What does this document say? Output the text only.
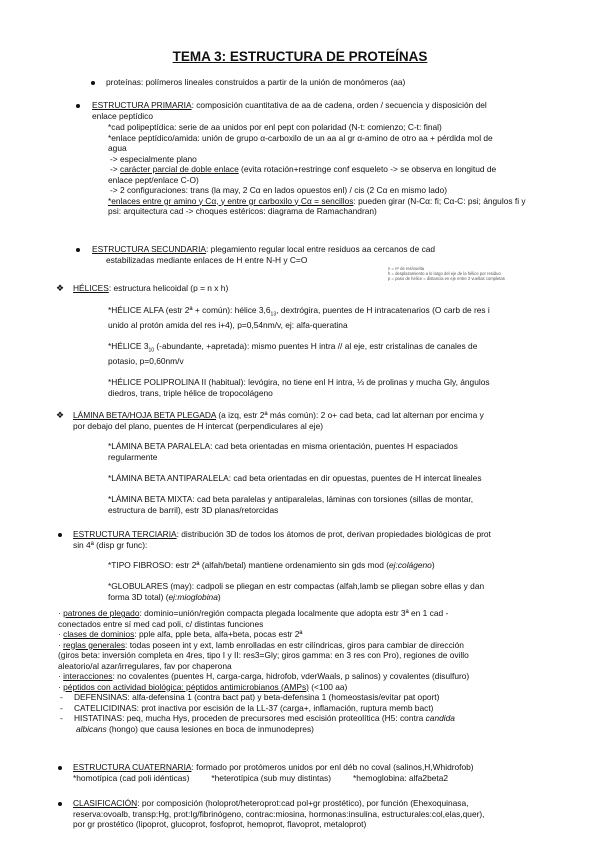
TEMA 3: ESTRUCTURA DE PROTEÍNAS
proteínas: polímeros lineales construidos a partir de la unión de monómeros (aa)

ESTRUCTURA PRIMARIA: composición cuantitativa de aa de cadena, orden / secuencia y disposición del

enlace peptídico

*cad polipeptídica: serie de aa unidos por enl pept con polaridad (N-t: comienzo; C-t: final)

*enlace peptídico/amida: unión de grupo α-carboxilo de un aa al gr α-amino de otro aa + pérdida mol de

agua

-> especialmente plano

-> carácter parcial de doble enlace (evita rotación+restringe conf esqueleto -> se observa en longitud de

enlace pept/enlace C-O)

-> 2 configuraciones: trans (la may, 2 Cα en lados opuestos enl) / cis (2 Cα en mismo lado)

*enlaces entre gr amino y Cα, y entre gr carboxilo y Cα = sencillos: pueden girar (N-Cα: fi; Cα-C: psi; ángulos fi y

psi: arquitectura cad -> choques estéricos: diagrama de Ramachandran)

ESTRUCTURA SECUNDARIA: plegamiento regular local entre residuos aa cercanos de cad

estabilizadas mediante enlaces de H entre N-H y C=O

n = nº de res/vuelta
h = desplazamiento a lo largo del eje de la hélice por residuo
p = paso de hélice = distancia en eje entre 2 vueltas completas
❖ HÉLICES: estructura helicoidal (p = n x h)

*HÉLICE ALFA (estr 2ª + común): hélice $3,6_{13}$, dextrógira, puentes de H intracatenarios (O carb de res i

unido al protón amida del res i+4), p=0,54nm/v, ej: alfa-queratina

*HÉLICE $3_{10}$ (-abundante, +apretada): mismo puentes H intra // al eje, estr cristalinas de canales de

potasio, p=0,60nm/v

*HÉLICE POLIPROLINA II (habitual): levógira, no tiene enl H intra, ⅓ de prolinas y mucha Gly, ángulos

diedros, trans, triple hélice de tropocolágeno

❖ LÁMINA BETA/HOJA BETA PLEGADA (a izq, estr 2ª más común): 2 o+ cad beta, cad lat alternan por encima y

por debajo del plano, puentes de H intercat (perpendiculares al eje)

*LÁMINA BETA PARALELA: cad beta orientadas en misma orientación, puentes H espaciados

regularmente

*LÁMINA BETA ANTIPARALELA: cad beta orientadas en dir opuestas, puentes de H intercat lineales

*LÁMINA BETA MIXTA: cad beta paralelas y antiparalelas, láminas con torsiones (sillas de montar,

estructura de barril), estr 3D planas/retorcidas

ESTRUCTURA TERCIARIA: distribución 3D de todos los átomos de prot, derivan propiedades biológicas de prot

sin 4ª (disp gr func):

*TIPO FIBROSO: estr 2ª (alfah/betal) mantiene ordenamiento sin gds mod (ej:colágeno)

*GLOBULARES (may): cadpoli se pliegan en estr compactas (alfah,lamb se pliegan sobre ellas y dan

forma 3D total) (ej:mioglobina)

· patrones de plegado: dominio=unión/región compacta plegada localmente que adopta estr 3ª en 1 cad -

conectados entre sí med cad poli, c/ distintas funciones

· clases de dominios: pple alfa, pple beta, alfa+beta, pocas estr 2ª

· reglas generales: todas poseen int y ext, lamb enrolladas en estr cilíndricas, giros para cambiar de dirección

(giros beta: inversión completa en 4res, tipo I y II: res3=Gly; giros gamma: en 3 res con Pro), regiones de ovillo

aleatorio/al azar/irregulares, fav por chaperona

· interacciones: no covalentes (puentes H, carga-carga, hidrofob, vderWaals, p salinos) y covalentes (disulfuro)

· péptidos con actividad biológica: péptidos antimicrobianos (AMPs) (<100 aa)

- DEFENSINAS: alfa-defensina 1 (contra bact pat) y beta-defensina 1 (homeostasis/evitar pat oport)

- CATELICIDINAS: prot inactiva por escisión de la LL-37 (carga+, inflamación, ruptura memb bact)

- HISTATINAS: peq, mucha Hys, proceden de precursores med escisión proteolítica (H5: contra candida

albicans (hongo) que causa lesiones en boca de inmunodepres)

ESTRUCTURA CUATERNARIA: formado por protómeros unidos por enl déb no coval (salinos,H,Whidrofob)

*homotípica (cad poli idénticas)	*heterotípica (sub muy distintas)	*hemoglobina: alfa2beta2

CLASIFICACIÓN: por composición (holoprot/heteroprot:cad pol+gr prostético), por función (Ehexoquinasa,

reserva:ovoalb, transp:Hg, prot:Ig/fibrinógeno, contrac:miosina, hormonas:insulina, estructurales:col,elas,quer),

por gr prostético (lipoprot, glucoprot, fosfoprot, hemoprot, flavoprot, metaloprot)
